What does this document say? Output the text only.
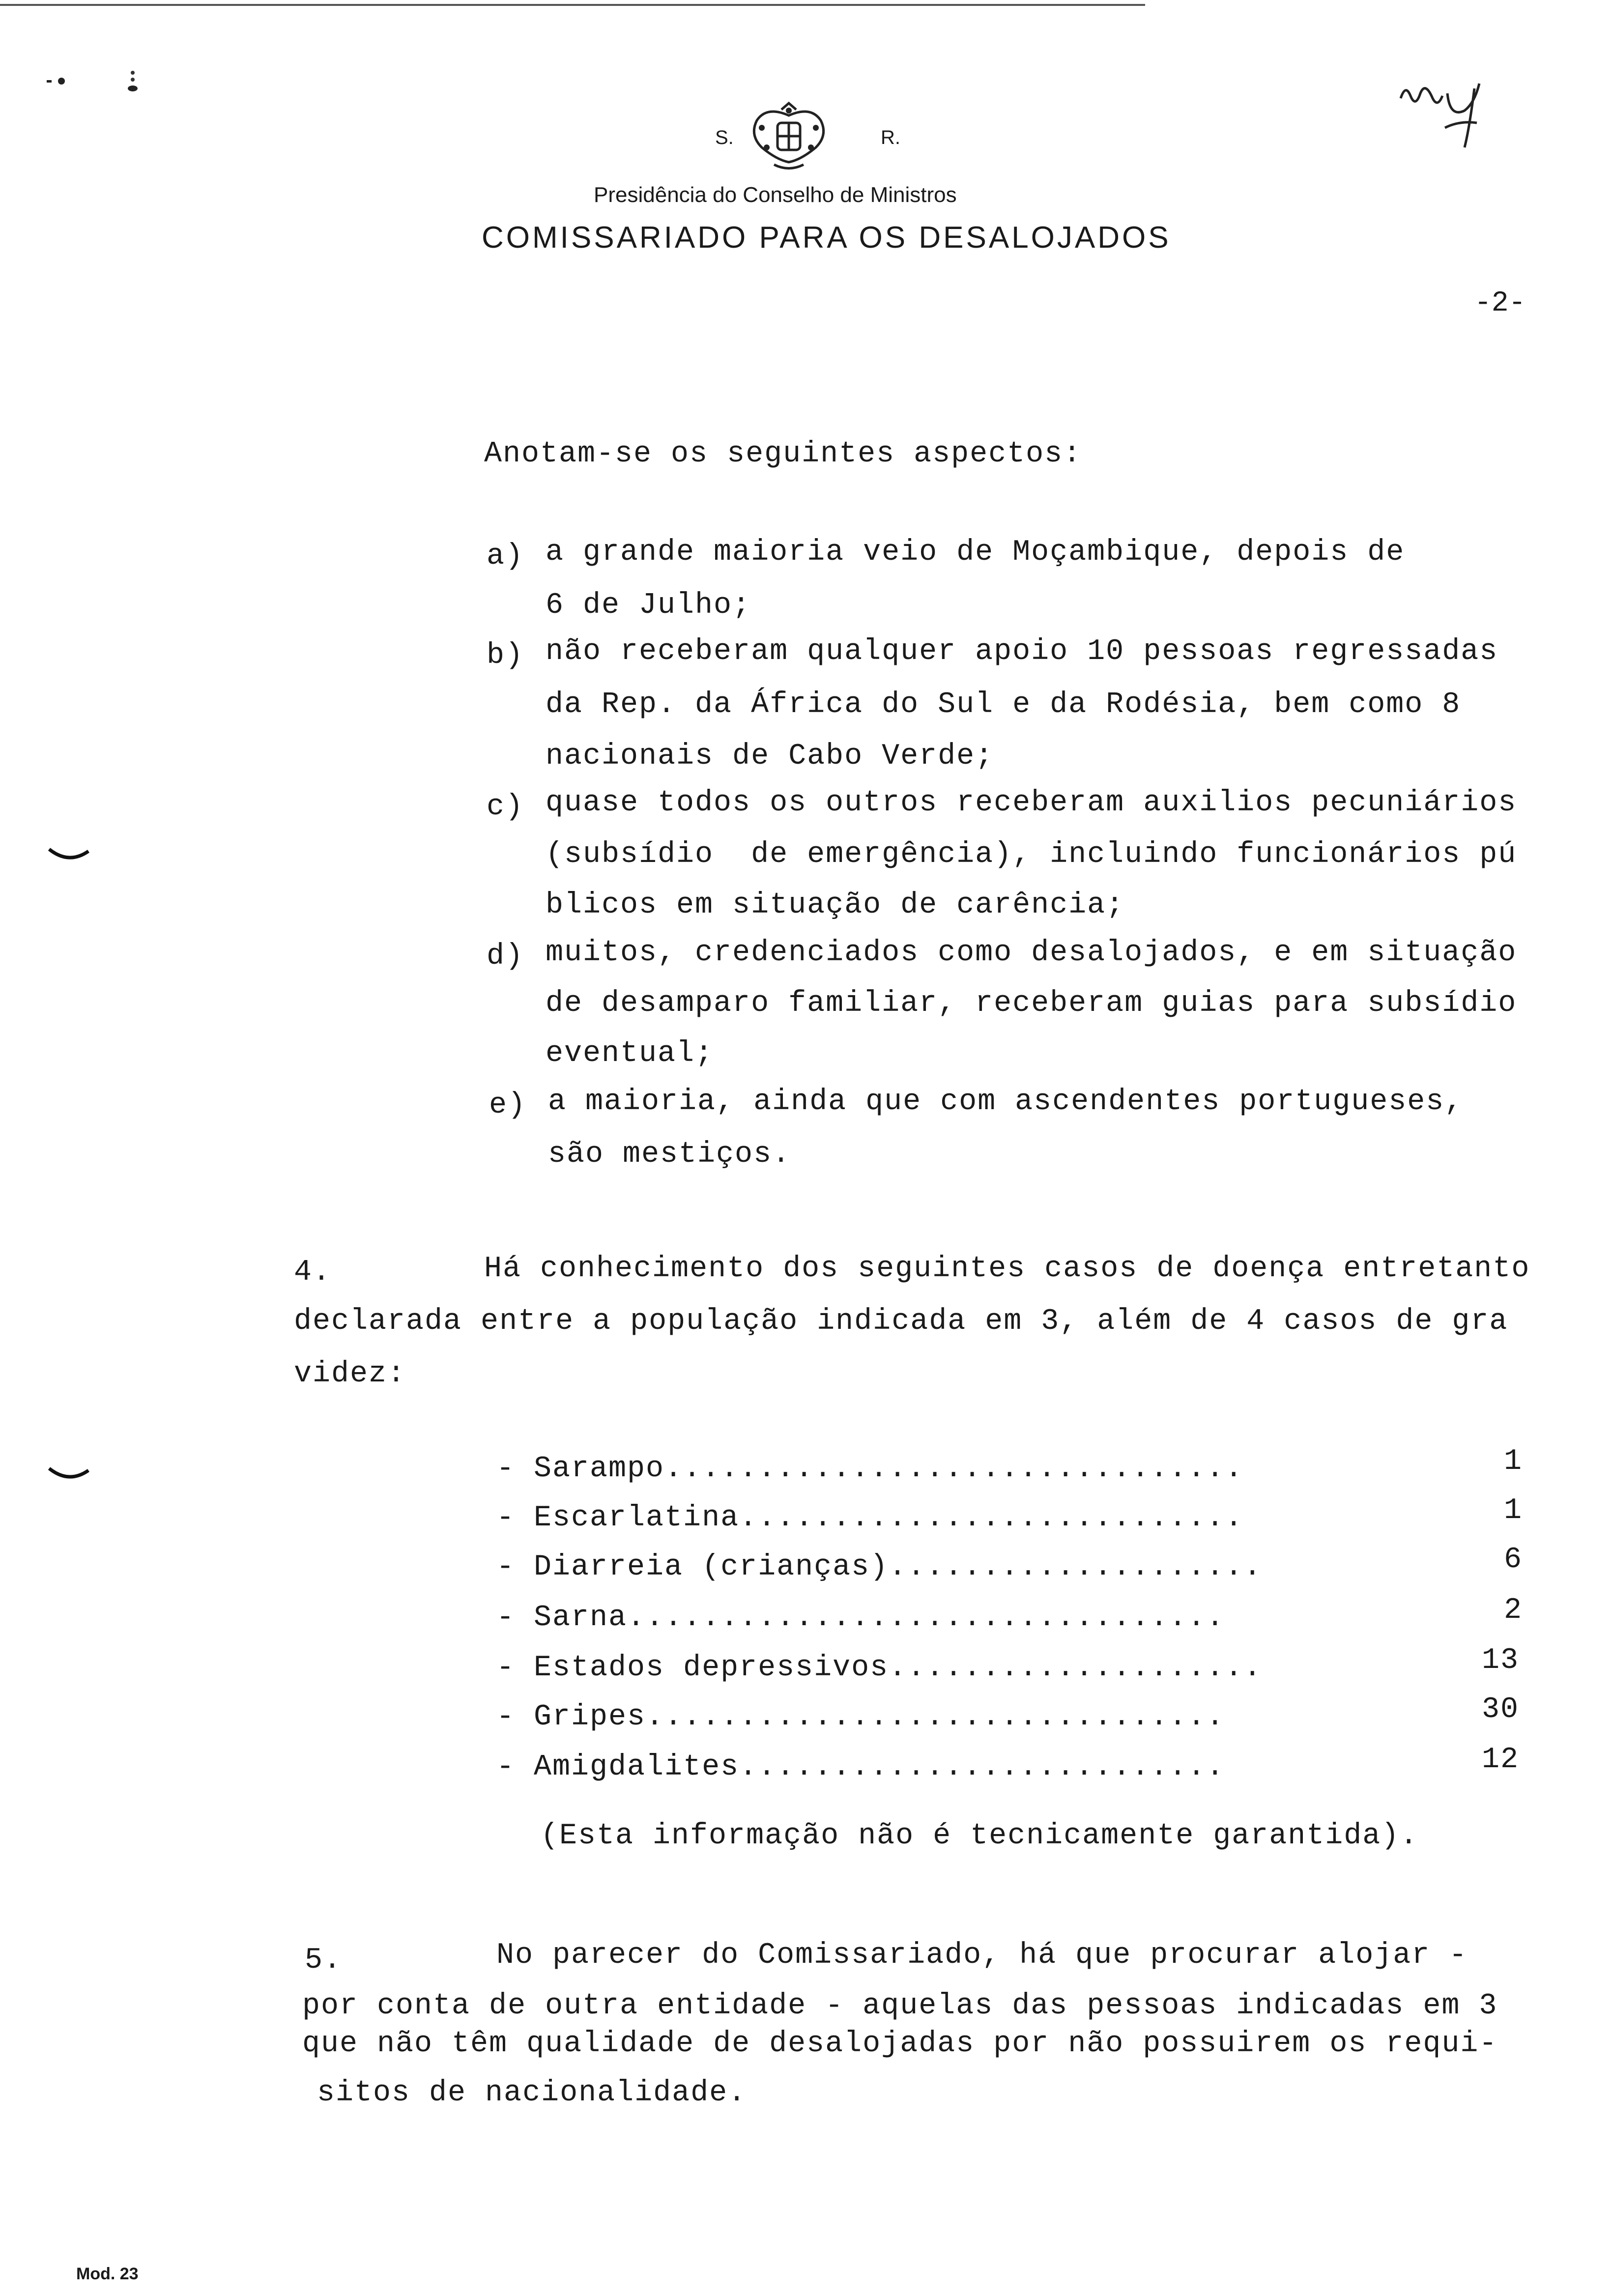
S.	R.
Presidência do Conselho de Ministros
COMISSARIADO PARA OS DESALOJADOS
-2-
Anotam-se os seguintes aspectos:
a) a grande maioria veio de Moçambique, depois de
6 de Julho;
b) não receberam qualquer apoio 10 pessoas regressadas
da Rep. da África do Sul e da Rodésia, bem como 8
nacionais de Cabo Verde;
c) quase todos os outros receberam auxilios pecuniários
(subsídio  de emergência), incluindo funcionários pú
blicos em situação de carência;
d) muitos, credenciados como desalojados, e em situação
de desamparo familiar, receberam guias para subsídio
eventual;
e) a maioria, ainda que com ascendentes portugueses,
são mestiços.
4.	Há conhecimento dos seguintes casos de doença entretanto
declarada entre a população indicada em 3, além de 4 casos de gra
videz:
- Sarampo...............................	1
- Escarlatina...........................	1
- Diarreia (crianças)....................	6
- Sarna................................	2
- Estados depressivos....................	13
- Gripes...............................	30
- Amigdalites..........................	12
(Esta informação não é tecnicamente garantida).
5.	No parecer do Comissariado, há que procurar alojar -
por conta de outra entidade - aquelas das pessoas indicadas em 3
que não têm qualidade de desalojadas por não possuirem os requi-
sitos de nacionalidade.
Mod. 23
